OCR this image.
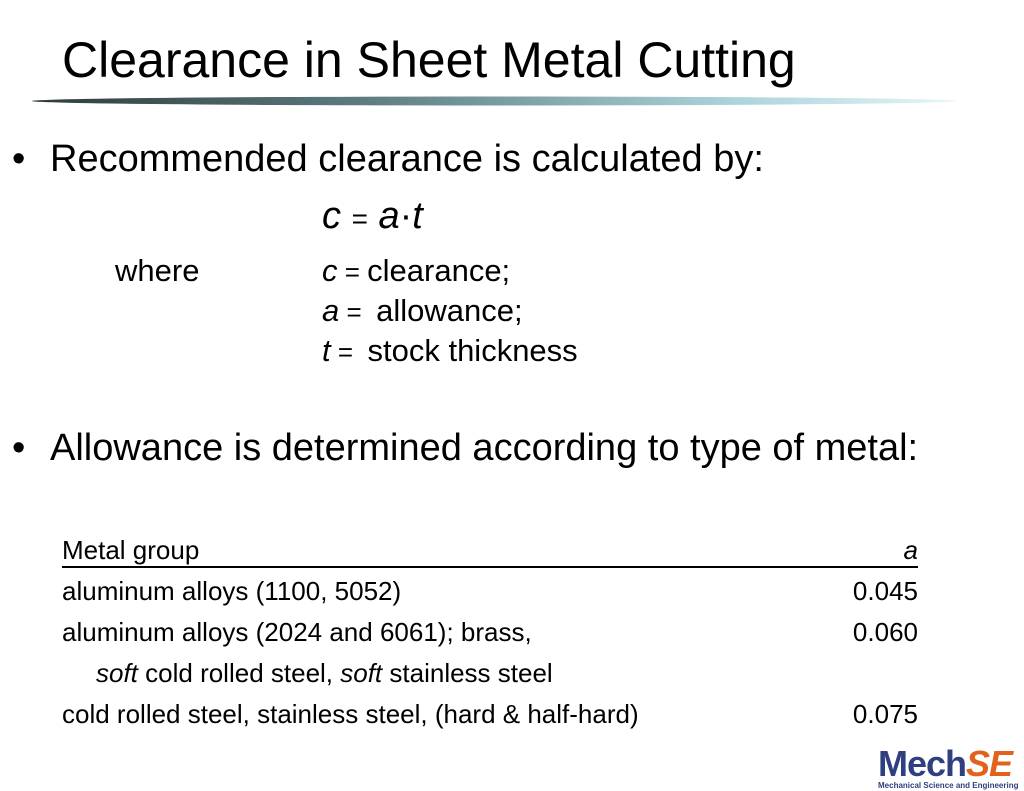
Clearance in Sheet Metal Cutting
• Recommended clearance is calculated by:
c = a·t
where	c = clearance;
a =  allowance;
t =  stock thickness
• Allowance is determined according to type of metal:
Metal group	a
aluminum alloys (1100, 5052)	0.045
aluminum alloys (2024 and 6061); brass,	0.060
soft cold rolled steel, soft stainless steel
cold rolled steel, stainless steel, (hard & half-hard)	0.075
MechSE
Mechanical Science and Engineering
